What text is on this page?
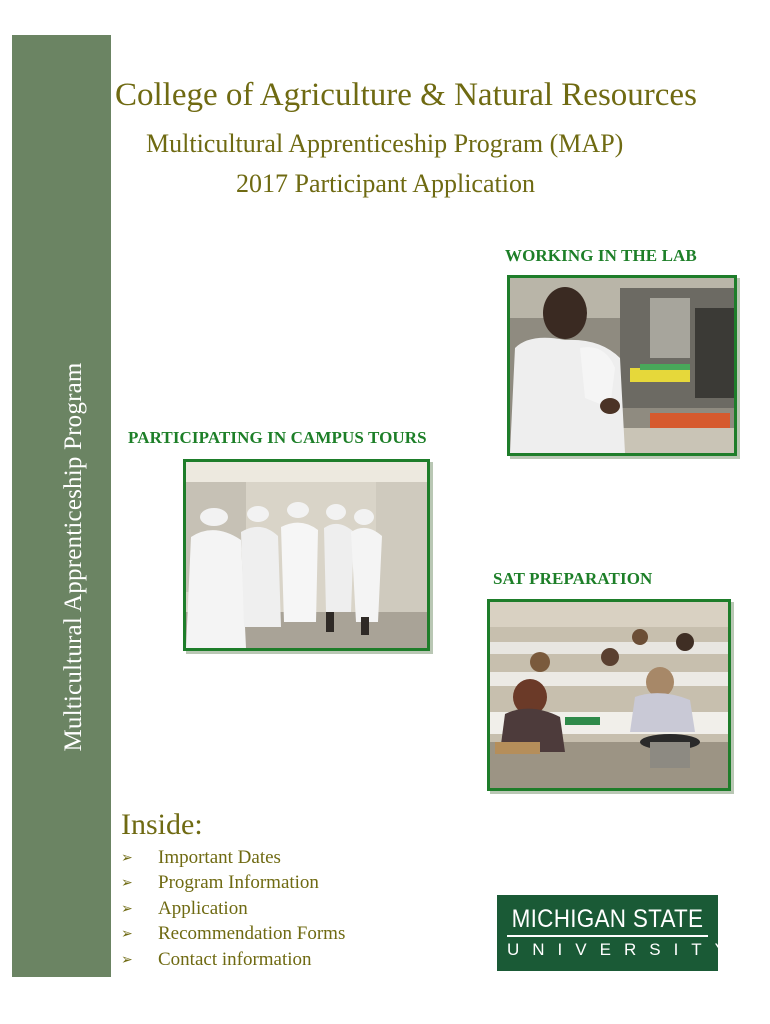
Multicultural Apprenticeship Program
College of Agriculture & Natural Resources
Multicultural Apprenticeship Program (MAP)
2017 Participant Application
WORKING IN THE LAB
PARTICIPATING IN CAMPUS TOURS
SAT PREPARATION
Inside:
➢	Important Dates
➢	Program Information
➢	Application
➢	Recommendation Forms
➢	Contact information
MICHIGAN STATE
UNIVERSITY
